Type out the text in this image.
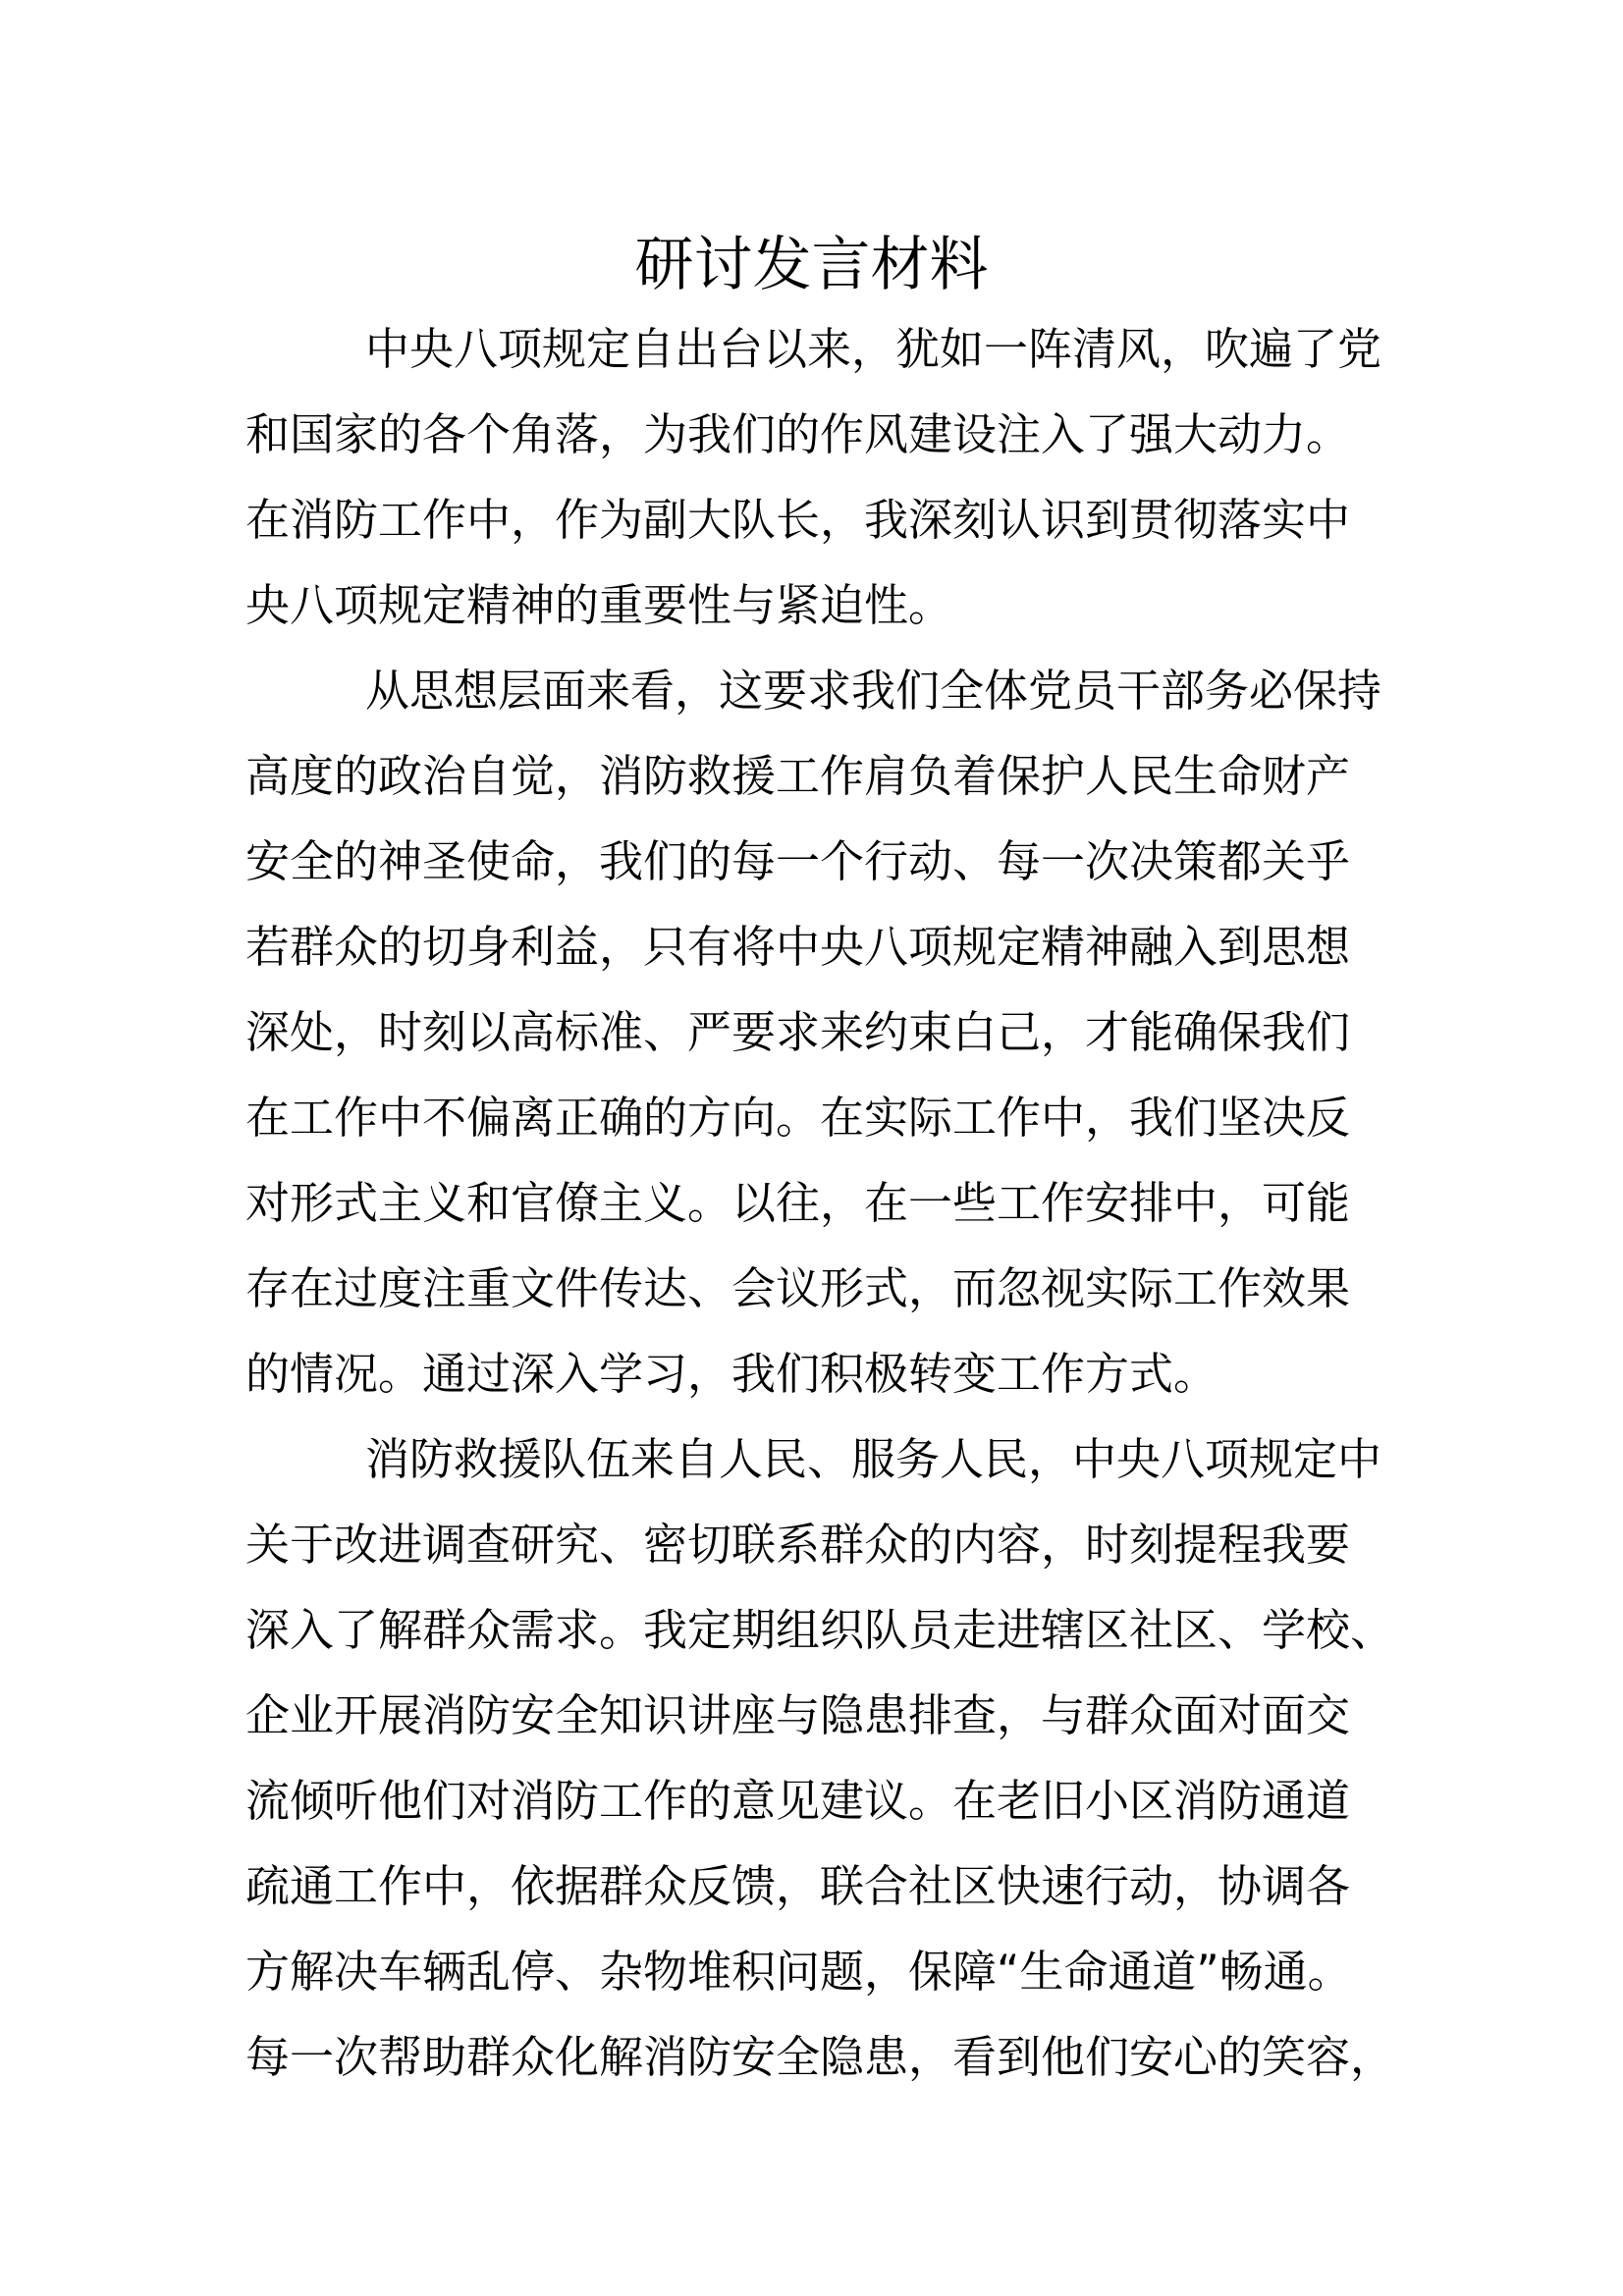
研讨发言材料
中央八项规定自出台以来，犹如一阵清风，吹遍了党
和国家的各个角落，为我们的作风建设注入了强大动力。
在消防工作中，作为副大队长，我深刻认识到贯彻落实中
央八项规定精神的重要性与紧迫性。
从思想层面来看，这要求我们全体党员干部务必保持
高度的政治自觉，消防救援工作肩负着保护人民生命财产
安全的神圣使命，我们的每一个行动、每一次决策都关乎
若群众的切身利益，只有将中央八项规定精神融入到思想
深处，时刻以高标准、严要求来约束白己，才能确保我们
在工作中不偏离正确的方向。在实际工作中，我们坚决反
对形式主义和官僚主义。以往，在一些工作安排中，可能
存在过度注重文件传达、会议形式，而忽视实际工作效果
的情况。通过深入学习，我们积极转变工作方式。
消防救援队伍来自人民、服务人民，中央八项规定中
关于改进调查研究、密切联系群众的内容，时刻提程我要
深入了解群众需求。我定期组织队员走进辖区社区、学校、
企业开展消防安全知识讲座与隐患排查，与群众面对面交
流倾听他们对消防工作的意见建议。在老旧小区消防通道
疏通工作中，依据群众反馈，联合社区快速行动，协调各
方解决车辆乱停、杂物堆积问题，保障“生命通道”畅通。
每一次帮助群众化解消防安全隐患，看到他们安心的笑容，
